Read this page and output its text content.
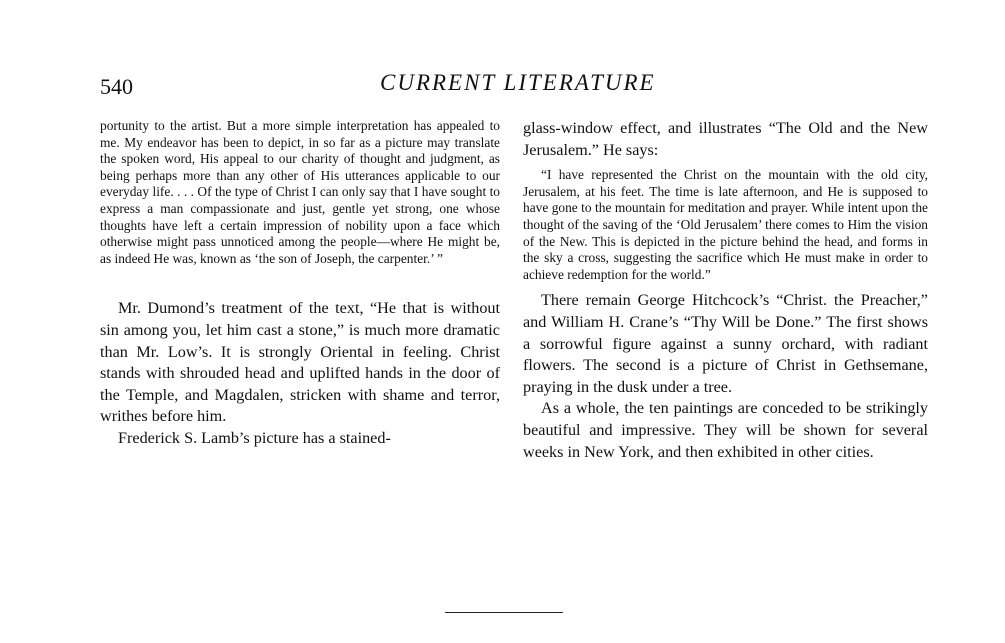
540	CURRENT LITERATURE

portunity to the artist. But a more simple interpretation has appealed to me. My endeavor has been to depict, in so far as a picture may translate the spoken word, His appeal to our charity of thought and judgment, as being perhaps more than any other of His utterances applicable to our everyday life. . . . Of the type of Christ I can only say that I have sought to express a man compassionate and just, gentle yet strong, one whose thoughts have left a certain impression of nobility upon a face which otherwise might pass unnoticed among the people—where He might be, as indeed He was, known as ‘the son of Joseph, the carpenter.’ ”

Mr. Dumond’s treatment of the text, “He that is without sin among you, let him cast a stone,” is much more dramatic than Mr. Low’s. It is strongly Oriental in feeling. Christ stands with shrouded head and uplifted hands in the door of the Temple, and Magdalen, stricken with shame and terror, writhes before him.

Frederick S. Lamb’s picture has a stained-

glass-window effect, and illustrates “The Old and the New Jerusalem.” He says:

“I have represented the Christ on the mountain with the old city, Jerusalem, at his feet. The time is late afternoon, and He is supposed to have gone to the mountain for meditation and prayer. While intent upon the thought of the saving of the ‘Old Jerusalem’ there comes to Him the vision of the New. This is depicted in the picture behind the head, and forms in the sky a cross, suggesting the sacrifice which He must make in order to achieve redemption for the world.”

There remain George Hitchcock’s “Christ. the Preacher,” and William H. Crane’s “Thy Will be Done.” The first shows a sorrowful figure against a sunny orchard, with radiant flowers. The second is a picture of Christ in Gethsemane, praying in the dusk under a tree.

As a whole, the ten paintings are conceded to be strikingly beautiful and impressive. They will be shown for several weeks in New York, and then exhibited in other cities.
